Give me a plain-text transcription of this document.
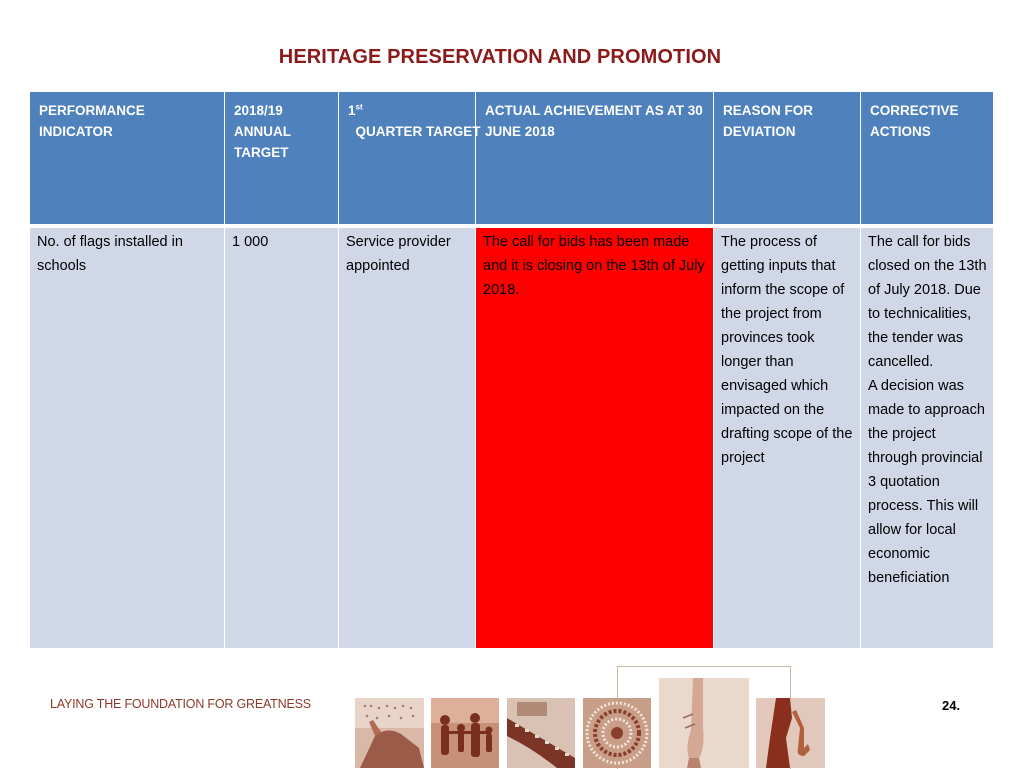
HERITAGE PRESERVATION AND PROMOTION
PERFORMANCE INDICATOR	2018/19 ANNUAL TARGET	1st  QUARTER TARGET	ACTUAL ACHIEVEMENT AS AT 30 JUNE 2018	REASON FOR DEVIATION	CORRECTIVE ACTIONS
No. of flags installed in schools	1 000	Service provider appointed	The call for bids has been made and it is closing on the 13th of July 2018.	The process of getting inputs that inform the scope of the project from provinces took longer than envisaged which impacted on the drafting scope of the project	The call for bids closed on the 13th of July 2018. Due to technicalities, the tender was cancelled.
A decision was made to approach the project through provincial 3 quotation process. This will allow for local economic beneficiation
LAYING THE FOUNDATION FOR GREATNESS	24.
